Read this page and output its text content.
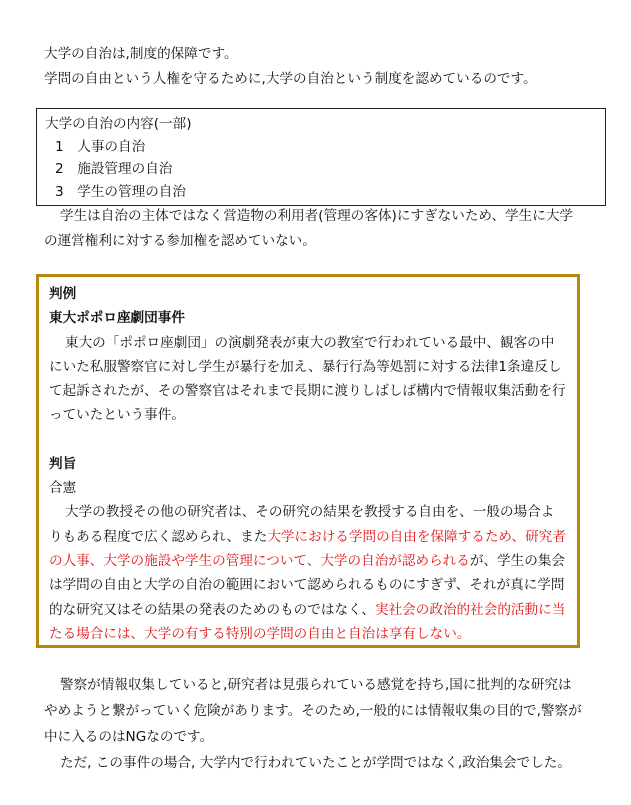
大学の自治は,制度的保障です。
学問の自由という人権を守るために,大学の自治という制度を認めているのです。
大学の自治の内容(一部)
1　人事の自治
2　施設管理の自治
3　学生の管理の自治

学生は自治の主体ではなく営造物の利用者(管理の客体)にすぎないため、学生に大学の運営権利に対する参加権を認めていない。

判例
東大ポポロ座劇団事件
東大の「ポポロ座劇団」の演劇発表が東大の教室で行われている最中、観客の中にいた私服警察官に対し学生が暴行を加え、暴行行為等処罰に対する法律1条違反して起訴されたが、その警察官はそれまで長期に渡りしばしば構内で情報収集活動を行っていたという事件。
判旨
合憲
大学の教授その他の研究者は、その研究の結果を教授する自由を、一般の場合よりもある程度で広く認められ、また大学における学問の自由を保障するため、研究者の人事、大学の施設や学生の管理について、大学の自治が認められるが、学生の集会は学問の自由と大学の自治の範囲において認められるものにすぎず、それが真に学問的な研究又はその結果の発表のためのものではなく、実社会の政治的社会的活動に当たる場合には、大学の有する特別の学問の自由と自治は享有しない。
警察が情報収集していると,研究者は見張られている感覚を持ち,国に批判的な研究はやめようと繋がっていく危険があります。そのため,一般的には情報収集の目的で,警察が中に入るのはNGなのです。
ただ, この事件の場合, 大学内で行われていたことが学問ではなく,政治集会でした。
